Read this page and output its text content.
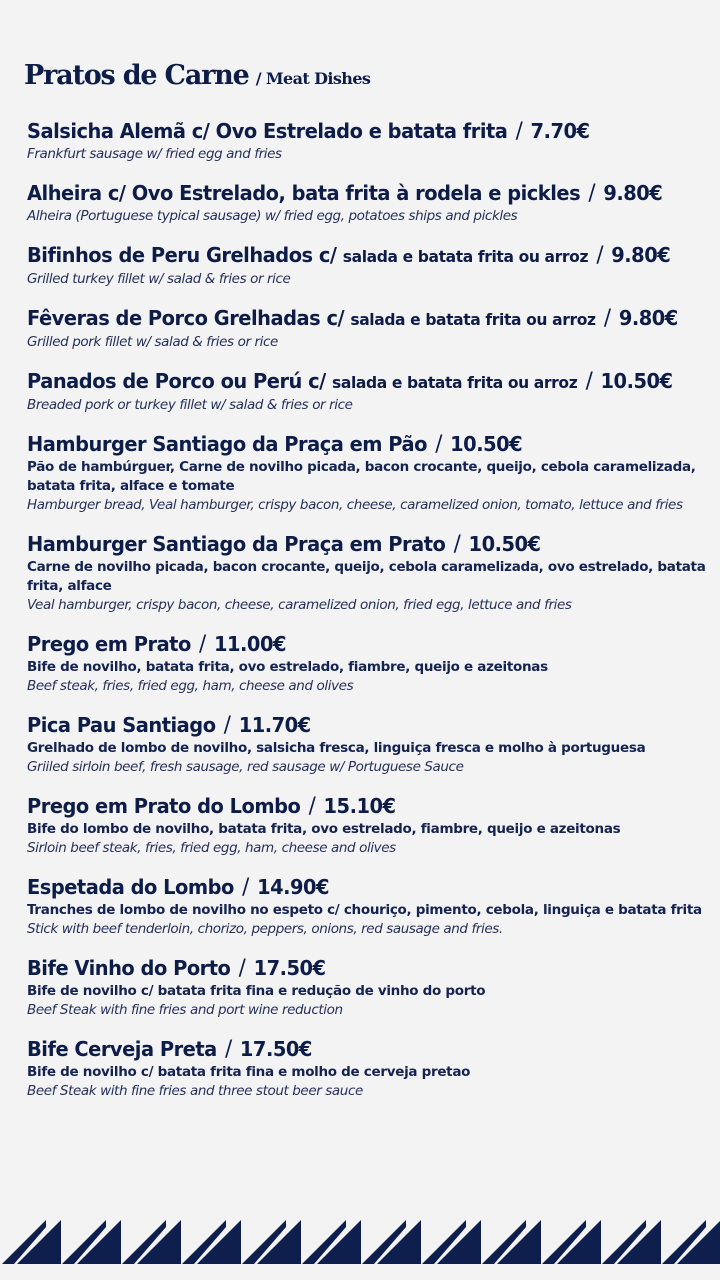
Pratos de Carne / Meat Dishes
Salsicha Alemã c/ Ovo Estrelado e batata frita / 7.70€
Frankfurt sausage w/ fried egg and fries
Alheira c/ Ovo Estrelado, bata frita à rodela e pickles / 9.80€
Alheira (Portuguese typical sausage) w/ fried egg, potatoes ships and pickles
Bifinhos de Peru Grelhados c/ salada e batata frita ou arroz / 9.80€
Grilled turkey fillet w/ salad & fries or rice
Fêveras de Porco Grelhadas c/ salada e batata frita ou arroz / 9.80€
Grilled pork fillet w/ salad & fries or rice
Panados de Porco ou Perú c/ salada e batata frita ou arroz / 10.50€
Breaded pork or turkey fillet w/ salad & fries or rice
Hamburger Santiago da Praça em Pão / 10.50€
Pão de hambúrguer, Carne de novilho picada, bacon crocante, queijo, cebola caramelizada, batata frita, alface e tomate
Hamburger bread, Veal hamburger, crispy bacon, cheese, caramelized onion, tomato, lettuce and fries
Hamburger Santiago da Praça em Prato / 10.50€
Carne de novilho picada, bacon crocante, queijo, cebola caramelizada, ovo estrelado, batata frita, alface
Veal hamburger, crispy bacon, cheese, caramelized onion, fried egg, lettuce and fries
Prego em Prato / 11.00€
Bife de novilho, batata frita, ovo estrelado, fiambre, queijo e azeitonas
Beef steak, fries, fried egg, ham, cheese and olives
Pica Pau Santiago / 11.70€
Grelhado de lombo de novilho, salsicha fresca, linguiça fresca e molho à portuguesa
Griiled sirloin beef, fresh sausage, red sausage w/ Portuguese Sauce
Prego em Prato do Lombo / 15.10€
Bife do lombo de novilho, batata frita, ovo estrelado, fiambre, queijo e azeitonas
Sirloin beef steak, fries, fried egg, ham, cheese and olives
Espetada do Lombo / 14.90€
Tranches de lombo de novilho no espeto c/ chouriço, pimento, cebola, linguiça e batata frita
Stick with beef tenderloin, chorizo, peppers, onions, red sausage and fries.
Bife Vinho do Porto / 17.50€
Bife de novilho c/ batata frita fina e redução de vinho do porto
Beef Steak with fine fries and port wine reduction
Bife Cerveja Preta / 17.50€
Bife de novilho c/ batata frita fina e molho de cerveja pretao
Beef Steak with fine fries and three stout beer sauce
